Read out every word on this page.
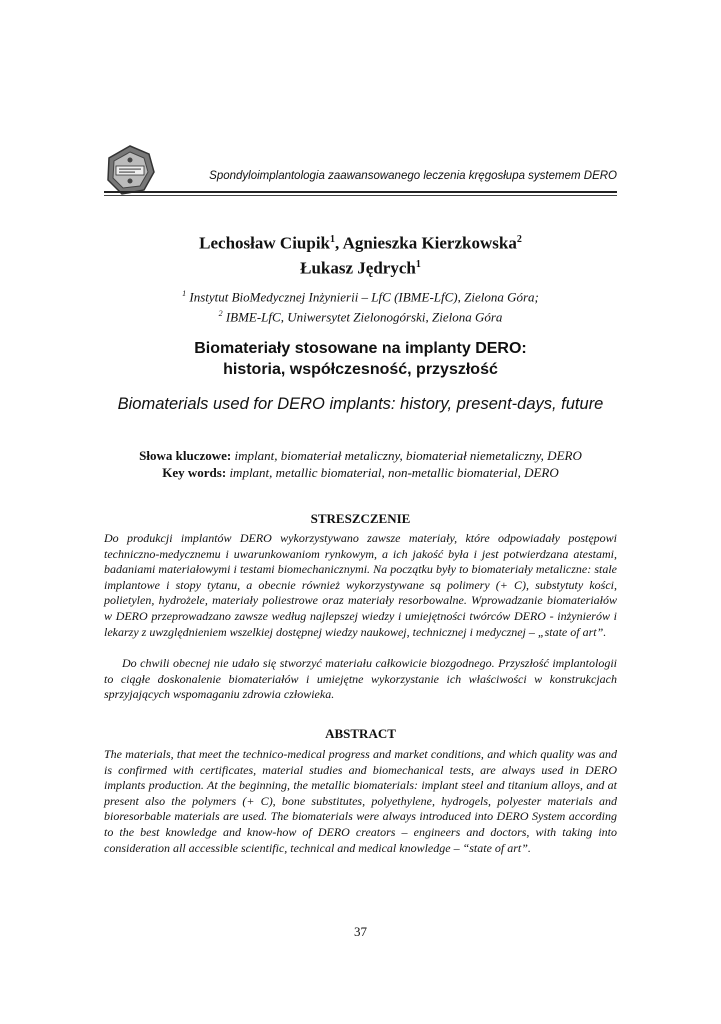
Spondyloimplantologia zaawansowanego leczenia kręgosłupa systemem DERO
Lechosław Ciupik$^1$, Agnieszka Kierzkowska$^2$
Łukasz Jędrych$^1$
$^1$ Instytut BioMedycznej Inżynierii – LfC (IBME-LfC), Zielona Góra;
$^2$ IBME-LfC, Uniwersytet Zielonogórski, Zielona Góra
Biomateriały stosowane na implanty DERO:
historia, współczesność, przyszłość
Biomaterials used for DERO implants: history, present-days, future
Słowa kluczowe: implant, biomateriał metaliczny, biomateriał niemetaliczny, DERO
Key words: implant, metallic biomaterial, non-metallic biomaterial, DERO
STRESZCZENIE
Do produkcji implantów DERO wykorzystywano zawsze materiały, które odpowiadały postępowi techniczno-medycznemu i uwarunkowaniom rynkowym, a ich jakość była i jest potwierdzana atestami, badaniami materiałowymi i testami biomechanicznymi. Na początku były to biomateriały metaliczne: stale implantowe i stopy tytanu, a obecnie również wykorzystywane są polimery (+ C), substytuty kości, polietylen, hydrożele, materiały poliestrowe oraz materiały resorbowalne. Wprowadzanie biomateriałów w DERO przeprowadzano zawsze według najlepszej wiedzy i umiejętności twórców DERO - inżynierów i lekarzy z uwzględnieniem wszelkiej dostępnej wiedzy naukowej, technicznej i medycznej – „state of art”.
Do chwili obecnej nie udało się stworzyć materiału całkowicie biozgodnego. Przyszłość implantologii to ciągłe doskonalenie biomateriałów i umiejętne wykorzystanie ich właściwości w konstrukcjach sprzyjających wspomaganiu zdrowia człowieka.
ABSTRACT
The materials, that meet the technico-medical progress and market conditions, and which quality was and is confirmed with certificates, material studies and biomechanical tests, are always used in DERO implants production. At the beginning, the metallic biomaterials: implant steel and titanium alloys, and at present also the polymers (+ C), bone substitutes, polyethylene, hydrogels, polyester materials and bioresorbable materials are used. The biomaterials were always introduced into DERO System according to the best knowledge and know-how of DERO creators – engineers and doctors, with taking into consideration all accessible scientific, technical and medical knowledge – “state of art”.
37
